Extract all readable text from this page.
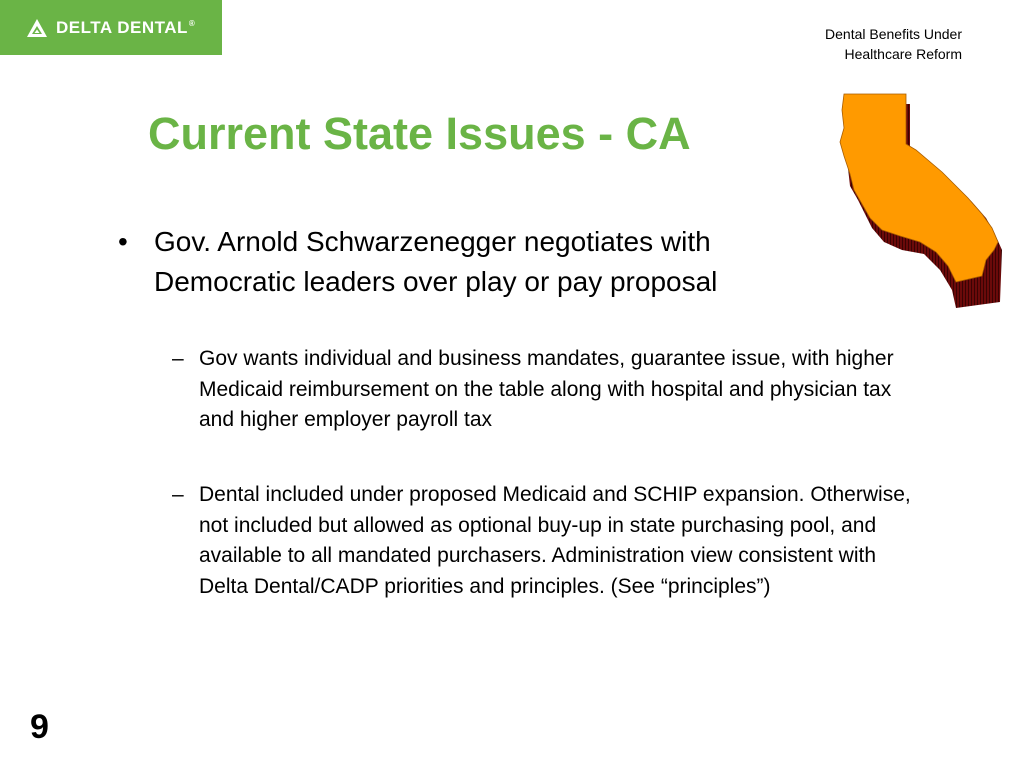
DELTA DENTAL®
Dental Benefits Under
Healthcare Reform
Current State Issues - CA
• Gov. Arnold Schwarzenegger negotiates with Democratic leaders over play or pay proposal
– Gov wants individual and business mandates, guarantee issue, with higher Medicaid reimbursement on the table along with hospital and physician tax and higher employer payroll tax
– Dental included under proposed Medicaid and SCHIP expansion. Otherwise, not included but allowed as optional buy-up in state purchasing pool, and available to all mandated purchasers. Administration view consistent with Delta Dental/CADP priorities and principles. (See “principles”)
9
